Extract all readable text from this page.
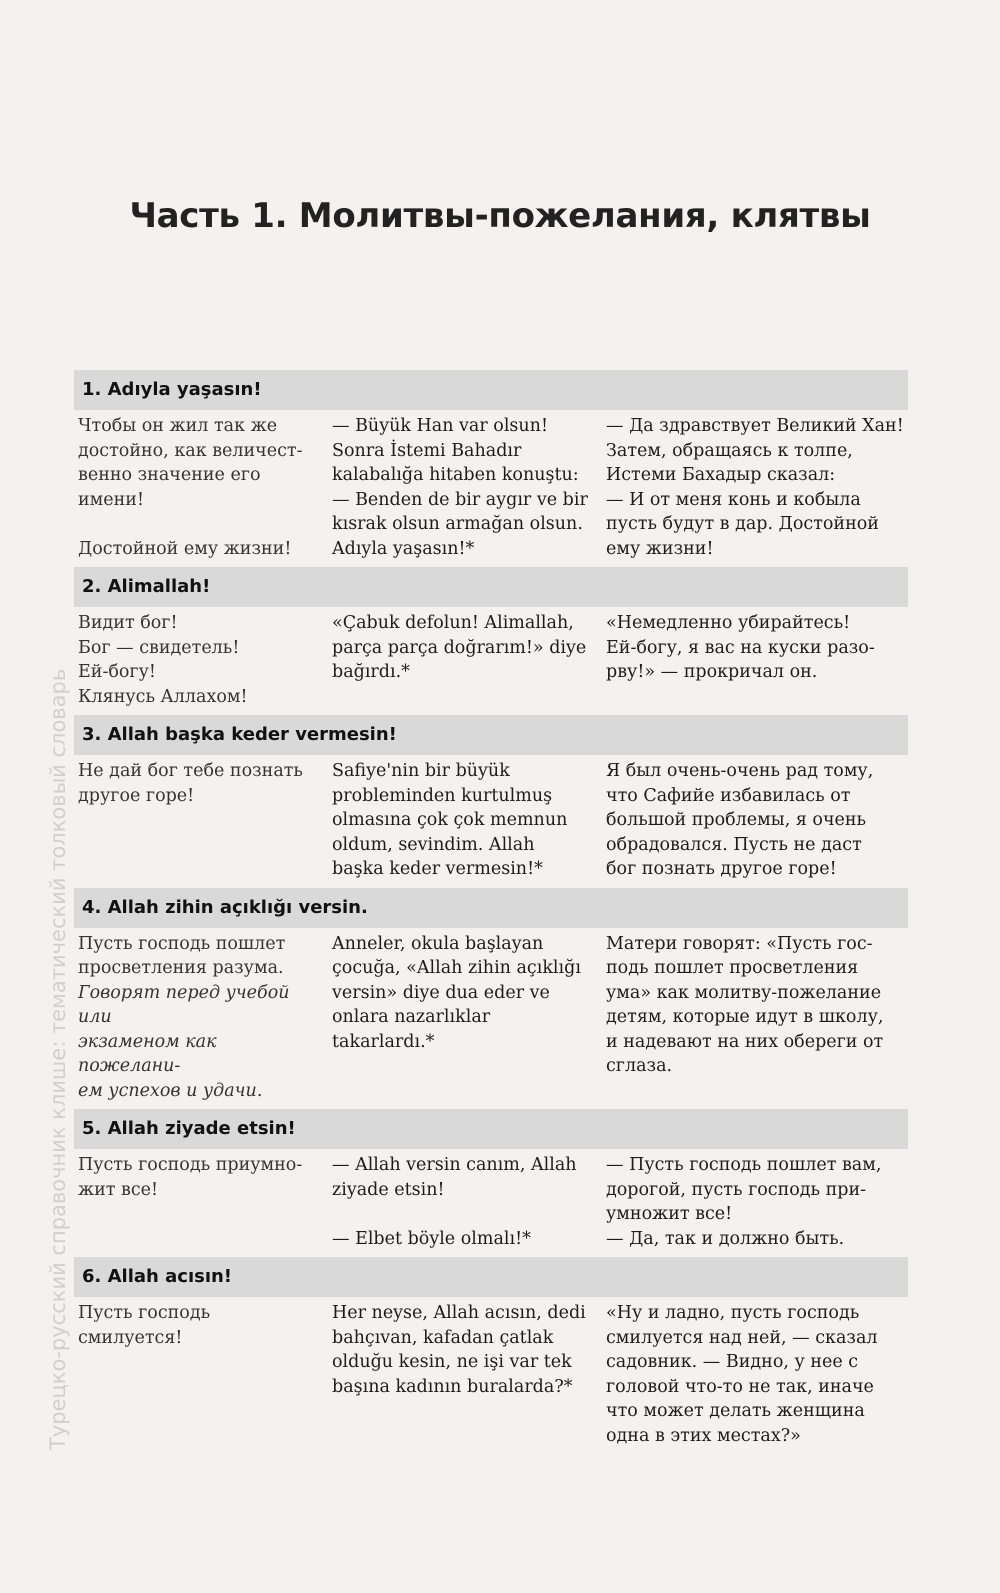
Часть 1. Молитвы-пожелания, клятвы
Турецко-русский справочник клише: тематический толковый словарь
1. Adıyla yaşasın!
Чтобы он жил так же
достойно, как величест-
венно значение его
имени!

Достойной ему жизни!
— Büyük Han var olsun!
Sonra İstemi Bahadır
kalabalığa hitaben konuştu:
— Benden de bir aygır ve bir
kısrak olsun armağan olsun.
Adıyla yaşasın!*
— Да здравствует Великий Хан!
Затем, обращаясь к толпе,
Истеми Бахадыр сказал:
— И от меня конь и кобыла
пусть будут в дар. Достойной
ему жизни!
2. Alimallah!
Видит бог!
Бог — свидетель!
Ей-богу!
Клянусь Аллахом!
«Çabuk defolun! Alimallah,
parça parça doğrarım!» diye
bağırdı.*
«Немедленно убирайтесь!
Ей-богу, я вас на куски разо-
рву!» — прокричал он.
3. Allah başka keder vermesin!
Не дай бог тебе познать
другое горе!
Safiye'nin bir büyük
probleminden kurtulmuş
olmasına çok çok memnun
oldum, sevindim. Allah
başka keder vermesin!*
Я был очень-очень рад тому,
что Сафийе избавилась от
большой проблемы, я очень
обрадовался. Пусть не даст
бог познать другое горе!
4. Allah zihin açıklığı versin.
Пусть господь пошлет
просветления разума.
Говорят перед учебой или
экзаменом как пожелани-
ем успехов и удачи.
Anneler, okula başlayan
çocuğa, «Allah zihin açıklığı
versin» diye dua eder ve
onlara nazarlıklar
takarlardı.*
Матери говорят: «Пусть гос-
подь пошлет просветления
ума» как молитву-пожелание
детям, которые идут в школу,
и надевают на них обереги от
сглаза.
5. Allah ziyade etsin!
Пусть господь приумно-
жит все!
— Allah versin canım, Allah
ziyade etsin!

— Elbet böyle olmalı!*
— Пусть господь пошлет вам,
дорогой, пусть господь при-
умножит все!
— Да, так и должно быть.
6. Allah acısın!
Пусть господь
смилуется!
Her neyse, Allah acısın, dedi
bahçıvan, kafadan çatlak
olduğu kesin, ne işi var tek
başına kadının buralarda?*
«Ну и ладно, пусть господь
смилуется над ней, — сказал
садовник. — Видно, у нее с
головой что-то не так, иначе
что может делать женщина
одна в этих местах?»
